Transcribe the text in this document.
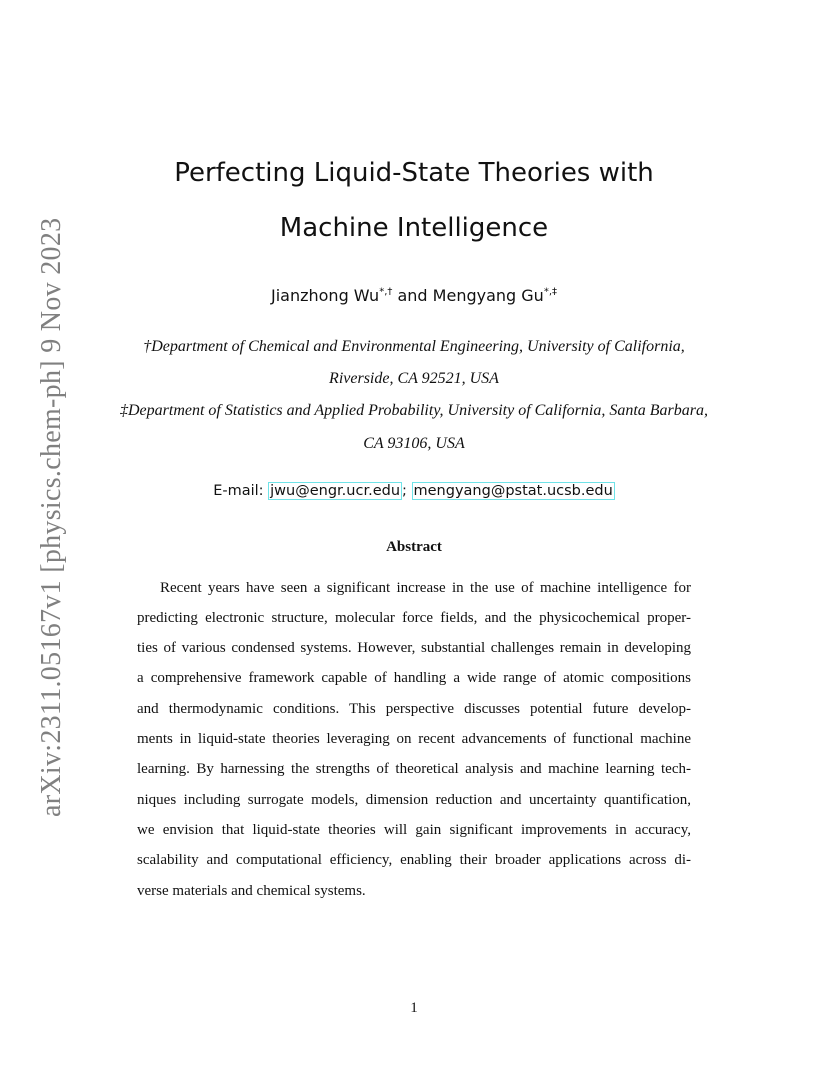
arXiv:2311.05167v1 [physics.chem-ph] 9 Nov 2023
Perfecting Liquid-State Theories with
Machine Intelligence
Jianzhong Wu*,† and Mengyang Gu*,‡
†Department of Chemical and Environmental Engineering, University of California,
Riverside, CA 92521, USA
‡Department of Statistics and Applied Probability, University of California, Santa Barbara,
CA 93106, USA
E-mail: jwu@engr.ucr.edu ; mengyang@pstat.ucsb.edu
Abstract
Recent years have seen a significant increase in the use of machine intelligence for
predicting electronic structure, molecular force fields, and the physicochemical proper-
ties of various condensed systems. However, substantial challenges remain in developing
a comprehensive framework capable of handling a wide range of atomic compositions
and thermodynamic conditions. This perspective discusses potential future develop-
ments in liquid-state theories leveraging on recent advancements of functional machine
learning. By harnessing the strengths of theoretical analysis and machine learning tech-
niques including surrogate models, dimension reduction and uncertainty quantification,
we envision that liquid-state theories will gain significant improvements in accuracy,
scalability and computational efficiency, enabling their broader applications across di-
verse materials and chemical systems.
1
